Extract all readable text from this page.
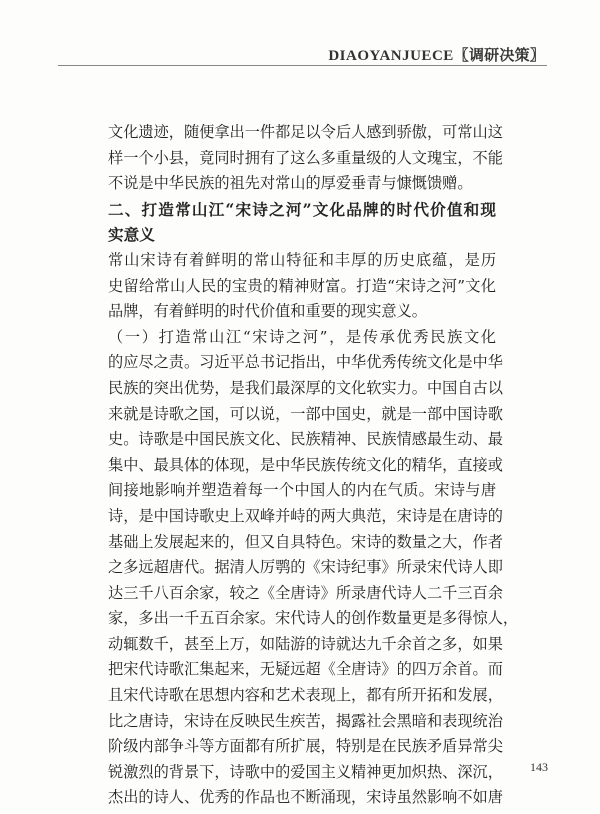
DIAOYANJUECE〖调研决策〗

文化遗迹，随便拿出一件都足以令后人感到骄傲，可常山这

样一个小县，竟同时拥有了这么多重量级的人文瑰宝，不能

不说是中华民族的祖先对常山的厚爱垂青与慷慨馈赠。

二、打造常山江“宋诗之河”文化品牌的时代价值和现

实意义

常山宋诗有着鲜明的常山特征和丰厚的历史底蕴，是历

史留给常山人民的宝贵的精神财富。打造“宋诗之河”文化

品牌，有着鲜明的时代价值和重要的现实意义。

（一）打造常山江“宋诗之河”，是传承优秀民族文化

的应尽之责。习近平总书记指出，中华优秀传统文化是中华

民族的突出优势，是我们最深厚的文化软实力。中国自古以

来就是诗歌之国，可以说，一部中国史，就是一部中国诗歌

史。诗歌是中国民族文化、民族精神、民族情感最生动、最

集中、最具体的体现，是中华民族传统文化的精华，直接或

间接地影响并塑造着每一个中国人的内在气质。宋诗与唐

诗，是中国诗歌史上双峰并峙的两大典范，宋诗是在唐诗的

基础上发展起来的，但又自具特色。宋诗的数量之大，作者

之多远超唐代。据清人厉鹗的《宋诗纪事》所录宋代诗人即

达三千八百余家，较之《全唐诗》所录唐代诗人二千三百余

家，多出一千五百余家。宋代诗人的创作数量更是多得惊人，

动辄数千，甚至上万，如陆游的诗就达九千余首之多，如果

把宋代诗歌汇集起来，无疑远超《全唐诗》的四万余首。而

且宋代诗歌在思想内容和艺术表现上，都有所开拓和发展，

比之唐诗，宋诗在反映民生疾苦，揭露社会黑暗和表现统治

阶级内部争斗等方面都有所扩展，特别是在民族矛盾异常尖

锐激烈的背景下，诗歌中的爱国主义精神更加炽热、深沉，

杰出的诗人、优秀的作品也不断涌现，宋诗虽然影响不如唐

143
